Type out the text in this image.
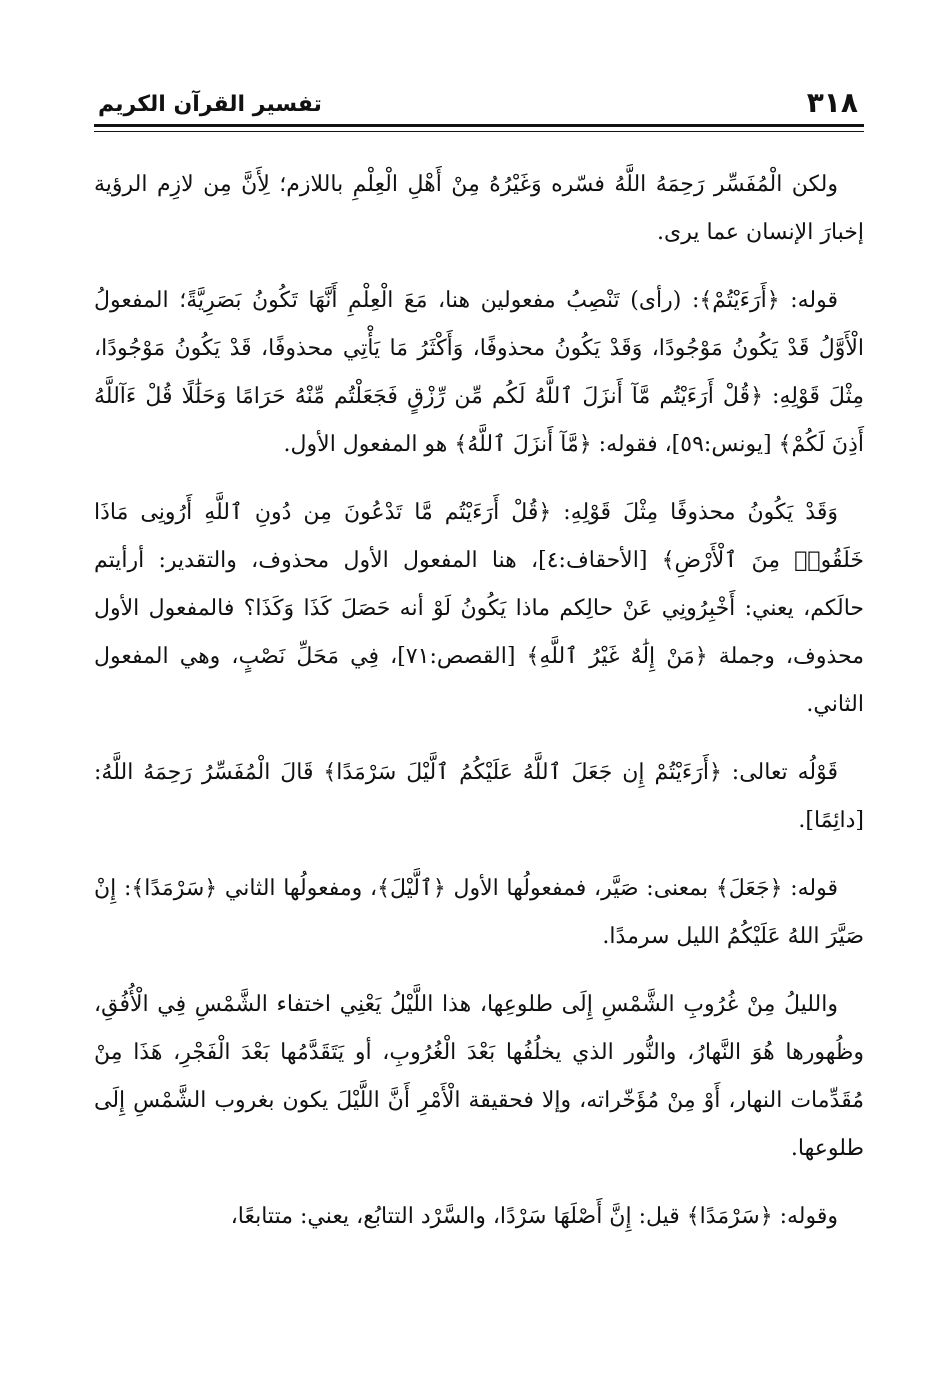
٣١٨
تفسير القرآن الكريم

ولكن الْمُفَسِّر رَحِمَهُ اللَّهُ فسّره وَغَيْرُهُ مِنْ أَهْلِ الْعِلْمِ باللازم؛ لِأَنَّ مِن لازِم الرؤية إخبارَ الإنسان عما يرى.

قوله: ﴿أَرَءَيْتُمْ﴾: (رأى) تَنْصِبُ مفعولين هنا، مَعَ الْعِلْمِ أَنَّهَا تَكُونُ بَصَرِيَّةً؛ المفعولُ الْأَوَّلُ قَدْ يَكُونُ مَوْجُودًا، وَقَدْ يَكُونُ محذوفًا، وَأَكْثَرُ مَا يَأْتِي محذوفًا، قَدْ يَكُونُ مَوْجُودًا، مِثْلَ قَوْلِهِ: ﴿قُلْ أَرَءَيْتُم مَّآ أَنزَلَ ٱللَّهُ لَكُم مِّن رِّزْقٍ فَجَعَلْتُم مِّنْهُ حَرَامًا وَحَلَٰلًا قُلْ ءَآللَّهُ أَذِنَ لَكُمْ﴾ [يونس:٥٩]، فقوله: ﴿مَّآ أَنزَلَ ٱللَّهُ﴾ هو المفعول الأول.

وَقَدْ يَكُونُ محذوفًا مِثْلَ قَوْلِهِ: ﴿قُلْ أَرَءَيْتُم مَّا تَدْعُونَ مِن دُونِ ٱللَّهِ أَرُونِى مَاذَا خَلَقُوا۟ مِنَ ٱلْأَرْضِ﴾ [الأحقاف:٤]، هنا المفعول الأول محذوف، والتقدير: أرأيتم حالَكم، يعني: أَخْبِرُونِي عَنْ حالِكم ماذا يَكُونُ لَوْ أنه حَصَلَ كَذَا وَكَذَا؟ فالمفعول الأول محذوف، وجملة ﴿مَنْ إِلَٰهٌ غَيْرُ ٱللَّهِ﴾ [القصص:٧١]، فِي مَحَلِّ نَصْبٍ، وهي المفعول الثاني.

قَوْلُه تعالى: ﴿أَرَءَيْتُمْ إِن جَعَلَ ٱللَّهُ عَلَيْكُمُ ٱلَّيْلَ سَرْمَدًا﴾ قَالَ الْمُفَسِّرُ رَحِمَهُ اللَّهُ: [دائِمًا].

قوله: ﴿جَعَلَ﴾ بمعنى: صَيَّر، فمفعولُها الأول ﴿ٱلَّيْلَ﴾، ومفعولُها الثاني ﴿سَرْمَدًا﴾: إِنْ صَيَّرَ اللهُ عَلَيْكُمُ الليل سرمدًا.

والليلُ مِنْ غُرُوبِ الشَّمْسِ إِلَى طلوعِها، هذا اللَّيْلُ يَعْنِي اختفاء الشَّمْسِ فِي الْأُفُقِ، وظُهورها هُوَ النَّهارُ، والنُّور الذي يخلُفُها بَعْدَ الْغُرُوبِ، أو يَتَقَدَّمُها بَعْدَ الْفَجْرِ، هَذَا مِنْ مُقَدِّمات النهار، أَوْ مِنْ مُؤَخّراته، وإلا فحقيقة الْأَمْرِ أَنَّ اللَّيْلَ يكون بغروب الشَّمْسِ إِلَى طلوعها.

وقوله: ﴿سَرْمَدًا﴾ قيل: إِنَّ أَصْلَهَا سَرْدًا، والسَّرْد التتابُع، يعني: متتابعًا،
